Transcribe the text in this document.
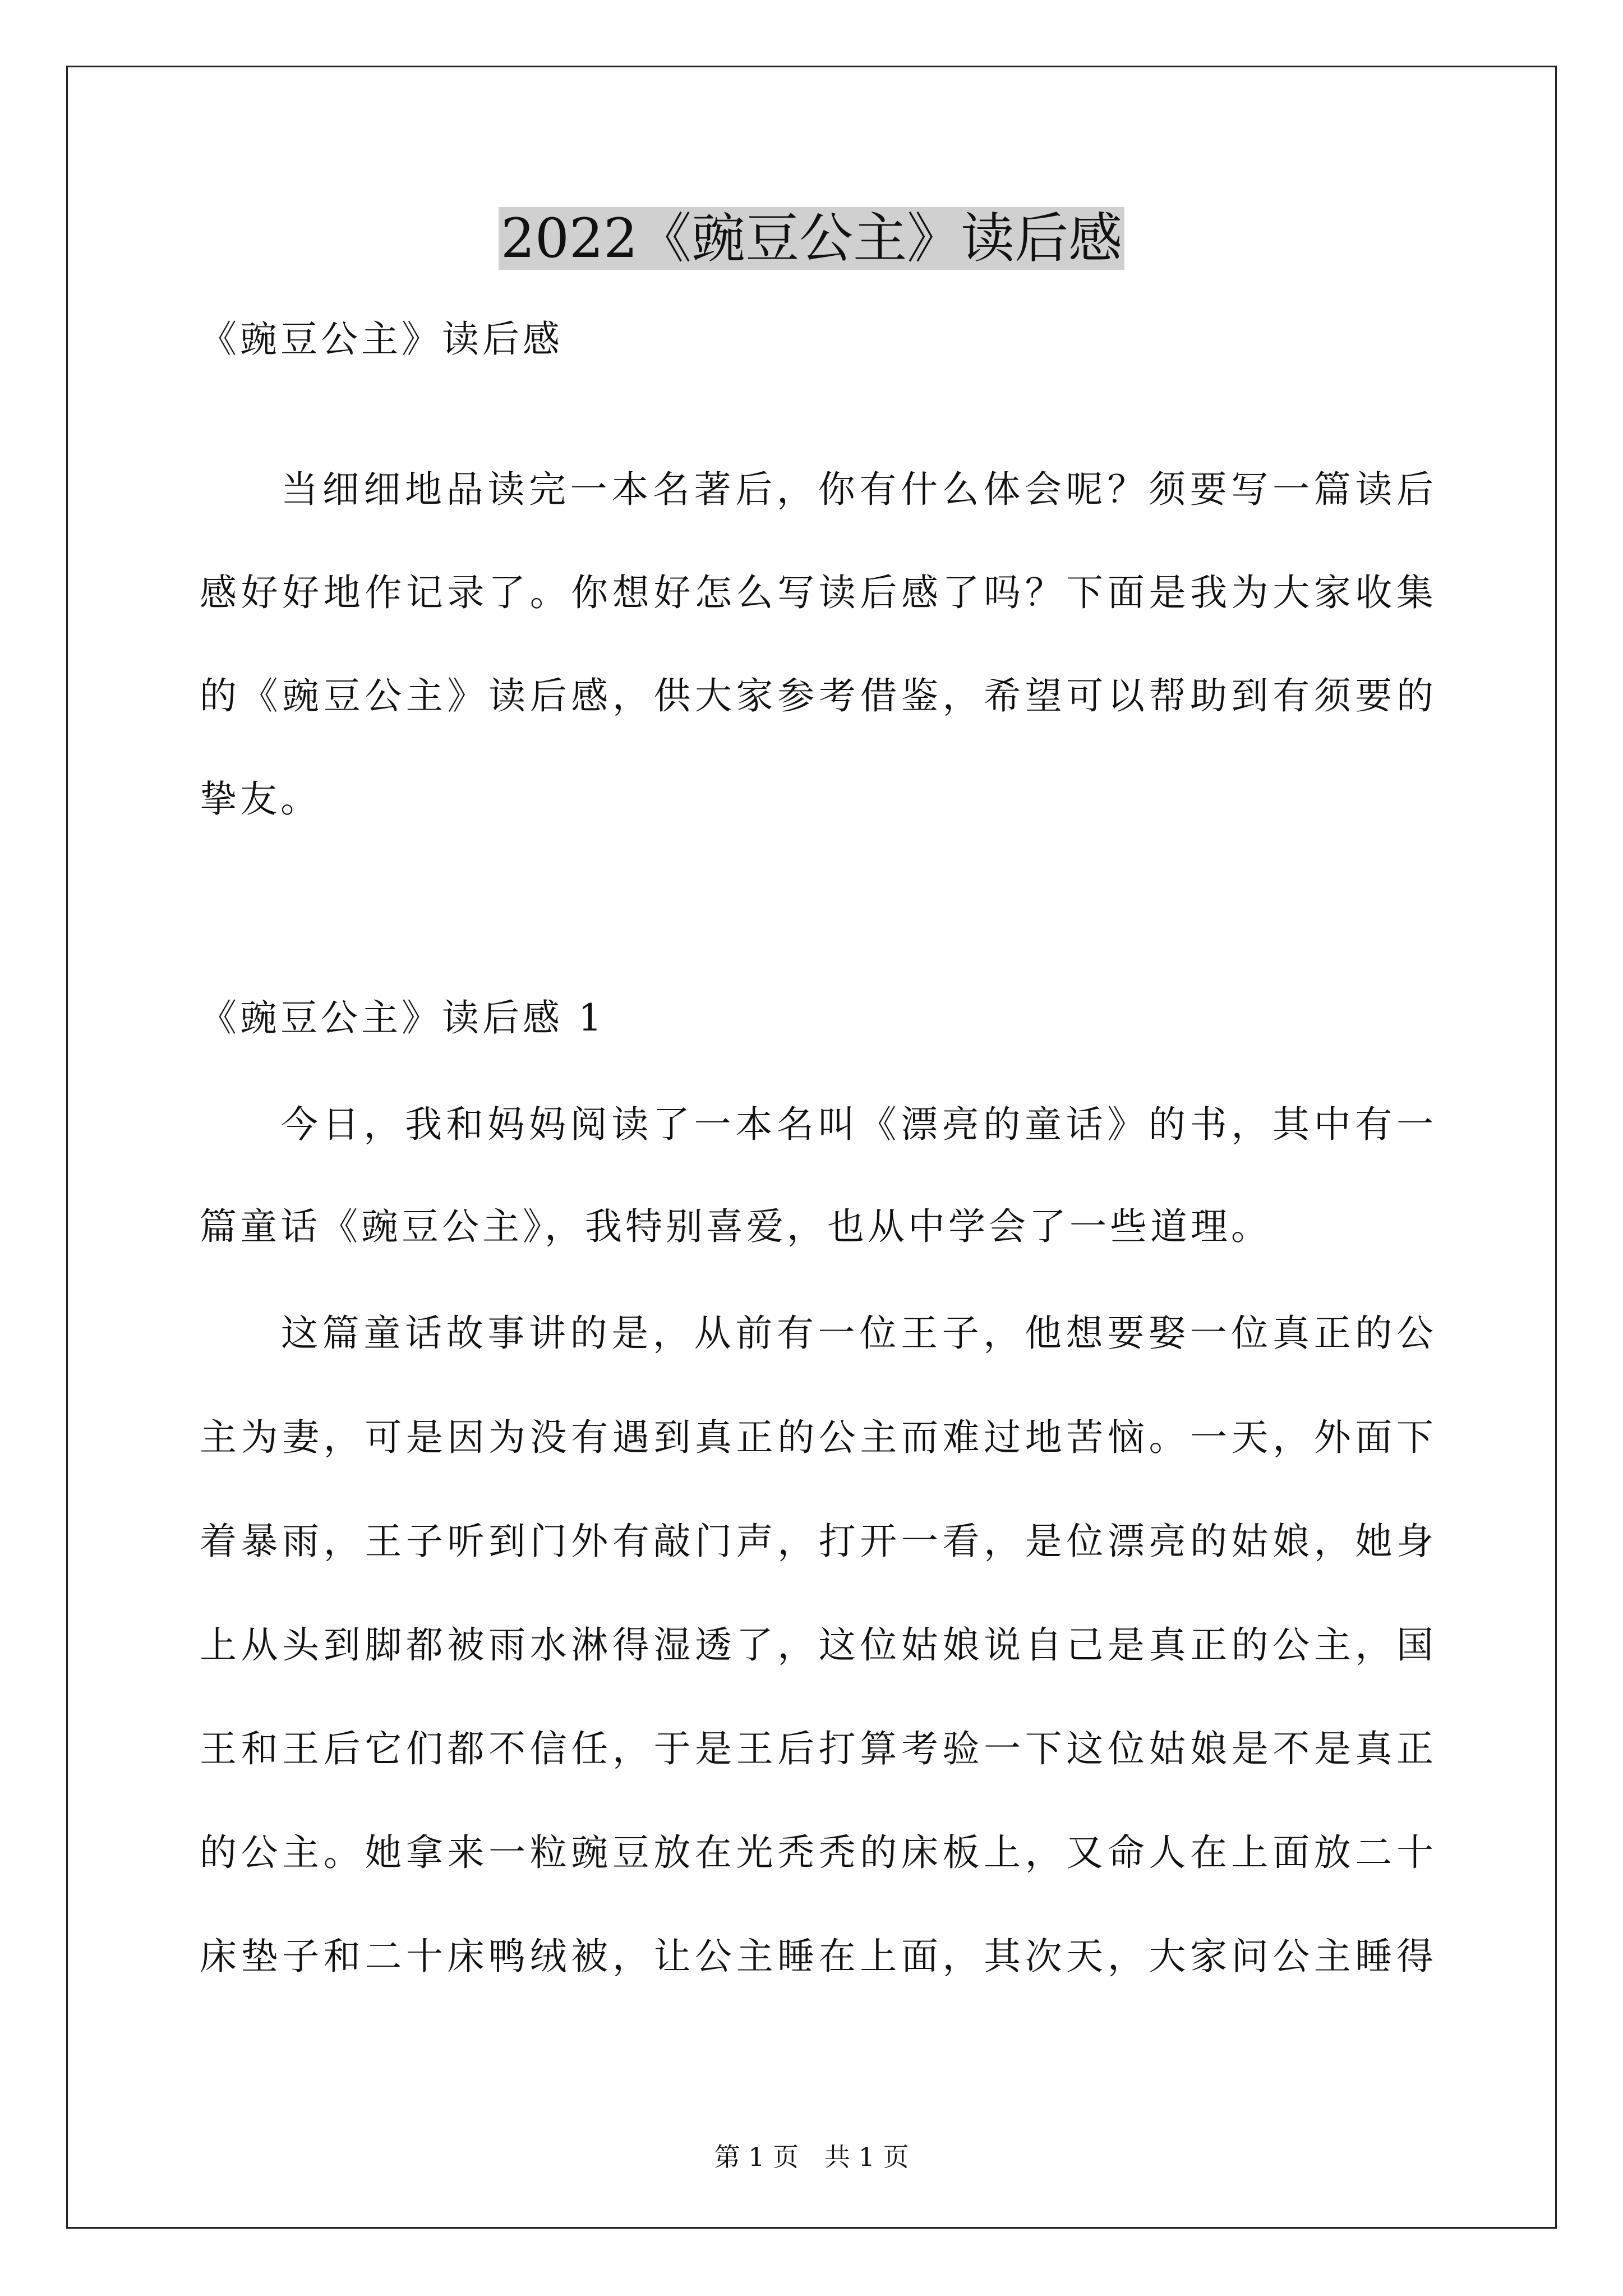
2022《豌豆公主》读后感
《豌豆公主》读后感
当细细地品读完一本名著后，你有什么体会呢？须要写一篇读后
感好好地作记录了。你想好怎么写读后感了吗？下面是我为大家收集
的《豌豆公主》读后感，供大家参考借鉴，希望可以帮助到有须要的
挚友。
《豌豆公主》读后感 1
今日，我和妈妈阅读了一本名叫《漂亮的童话》的书，其中有一
篇童话《豌豆公主》，我特别喜爱，也从中学会了一些道理。
这篇童话故事讲的是，从前有一位王子，他想要娶一位真正的公
主为妻，可是因为没有遇到真正的公主而难过地苦恼。一天，外面下
着暴雨，王子听到门外有敲门声，打开一看，是位漂亮的姑娘，她身
上从头到脚都被雨水淋得湿透了，这位姑娘说自己是真正的公主，国
王和王后它们都不信任，于是王后打算考验一下这位姑娘是不是真正
的公主。她拿来一粒豌豆放在光秃秃的床板上，又命人在上面放二十
床垫子和二十床鸭绒被，让公主睡在上面，其次天，大家问公主睡得
第 1 页　共 1 页
